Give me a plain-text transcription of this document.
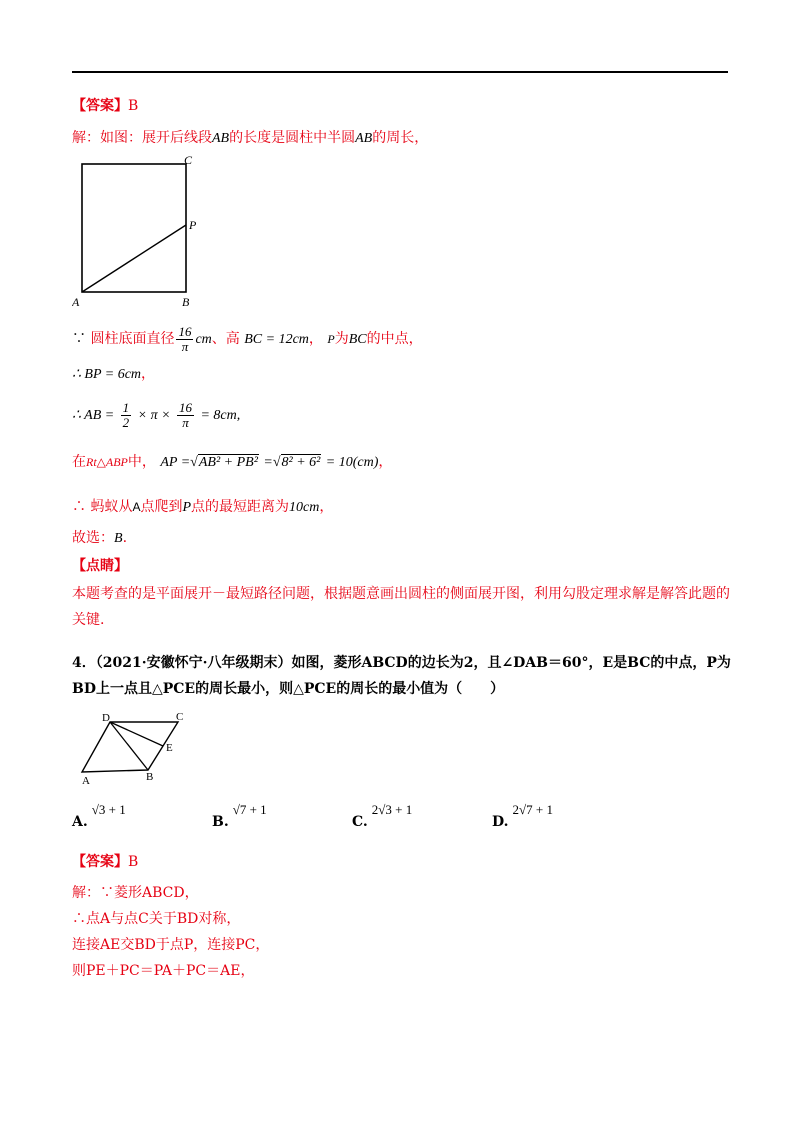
【答案】B
解：如图：展开后线段AB的长度是圆柱中半圆AB的周长，
C
P
A	B
∵ 圆柱底面直径 $\frac{16}{\pi}$ cm、高 BC = 12cm， P为BC的中点，
∴ BP = 6cm，
∴ AB = $\frac{1}{2} \times \pi \times \frac{16}{\pi} = 8cm$,
在Rt△ABP中， AP =√AB² + PB² =√8² + 6² = 10(cm)，
∴ 蚂蚁从A点爬到P点的最短距离为10cm，
故选：B.
【点睛】
本题考查的是平面展开－最短路径问题，根据题意画出圆柱的侧面展开图，利用勾股定理求解是解答此题的关键.
4．（2021·安徽怀宁·八年级期末）如图，菱形ABCD的边长为2，且∠DAB＝60°，E是BC的中点，P为
BD上一点且△PCE的周长最小，则△PCE的周长的最小值为（　　）
D	C
E
A	B
A.√3 + 1
B.√7 + 1
C.2√3 + 1
D.2√7 + 1
【答案】B
解：∵菱形ABCD，
∴点A与点C关于BD对称，
连接AE交BD于点P，连接PC，
则PE＋PC＝PA＋PC＝AE，
